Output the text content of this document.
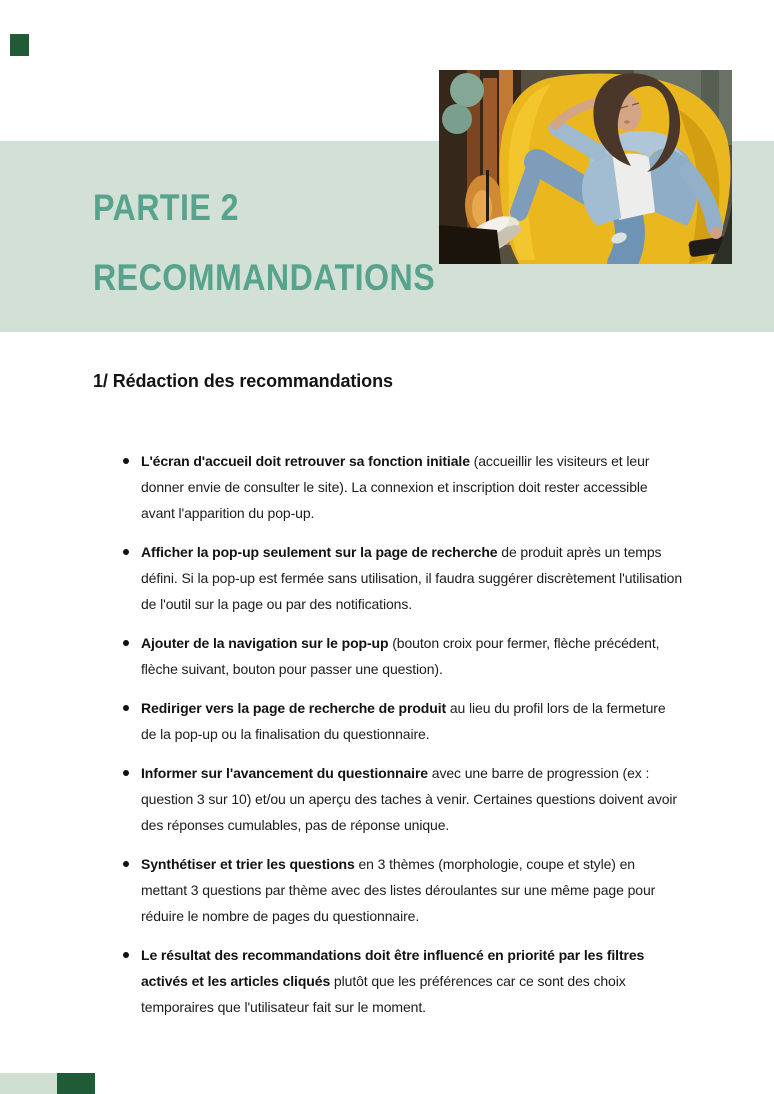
PARTIE 2
RECOMMANDATIONS
1/ Rédaction des recommandations
L'écran d'accueil doit retrouver sa fonction initiale (accueillir les visiteurs et leur donner envie de consulter le site). La connexion et inscription doit rester accessible avant l'apparition du pop-up.
Afficher la pop-up seulement sur la page de recherche de produit après un temps défini. Si la pop-up est fermée sans utilisation, il faudra suggérer discrètement l'utilisation de l'outil sur la page ou par des notifications.
Ajouter de la navigation sur le pop-up (bouton croix pour fermer, flèche précédent, flèche suivant, bouton pour passer une question).
Rediriger vers la page de recherche de produit au lieu du profil lors de la fermeture de la pop-up ou la finalisation du questionnaire.
Informer sur l'avancement du questionnaire avec une barre de progression (ex : question 3 sur 10) et/ou un aperçu des taches à venir. Certaines questions doivent avoir des réponses cumulables, pas de réponse unique.
Synthétiser et trier les questions en 3 thèmes (morphologie, coupe et style) en mettant 3 questions par thème avec des listes déroulantes sur une même page pour réduire le nombre de pages du questionnaire.
Le résultat des recommandations doit être influencé en priorité par les filtres activés et les articles cliqués plutôt que les préférences car ce sont des choix temporaires que l'utilisateur fait sur le moment.
